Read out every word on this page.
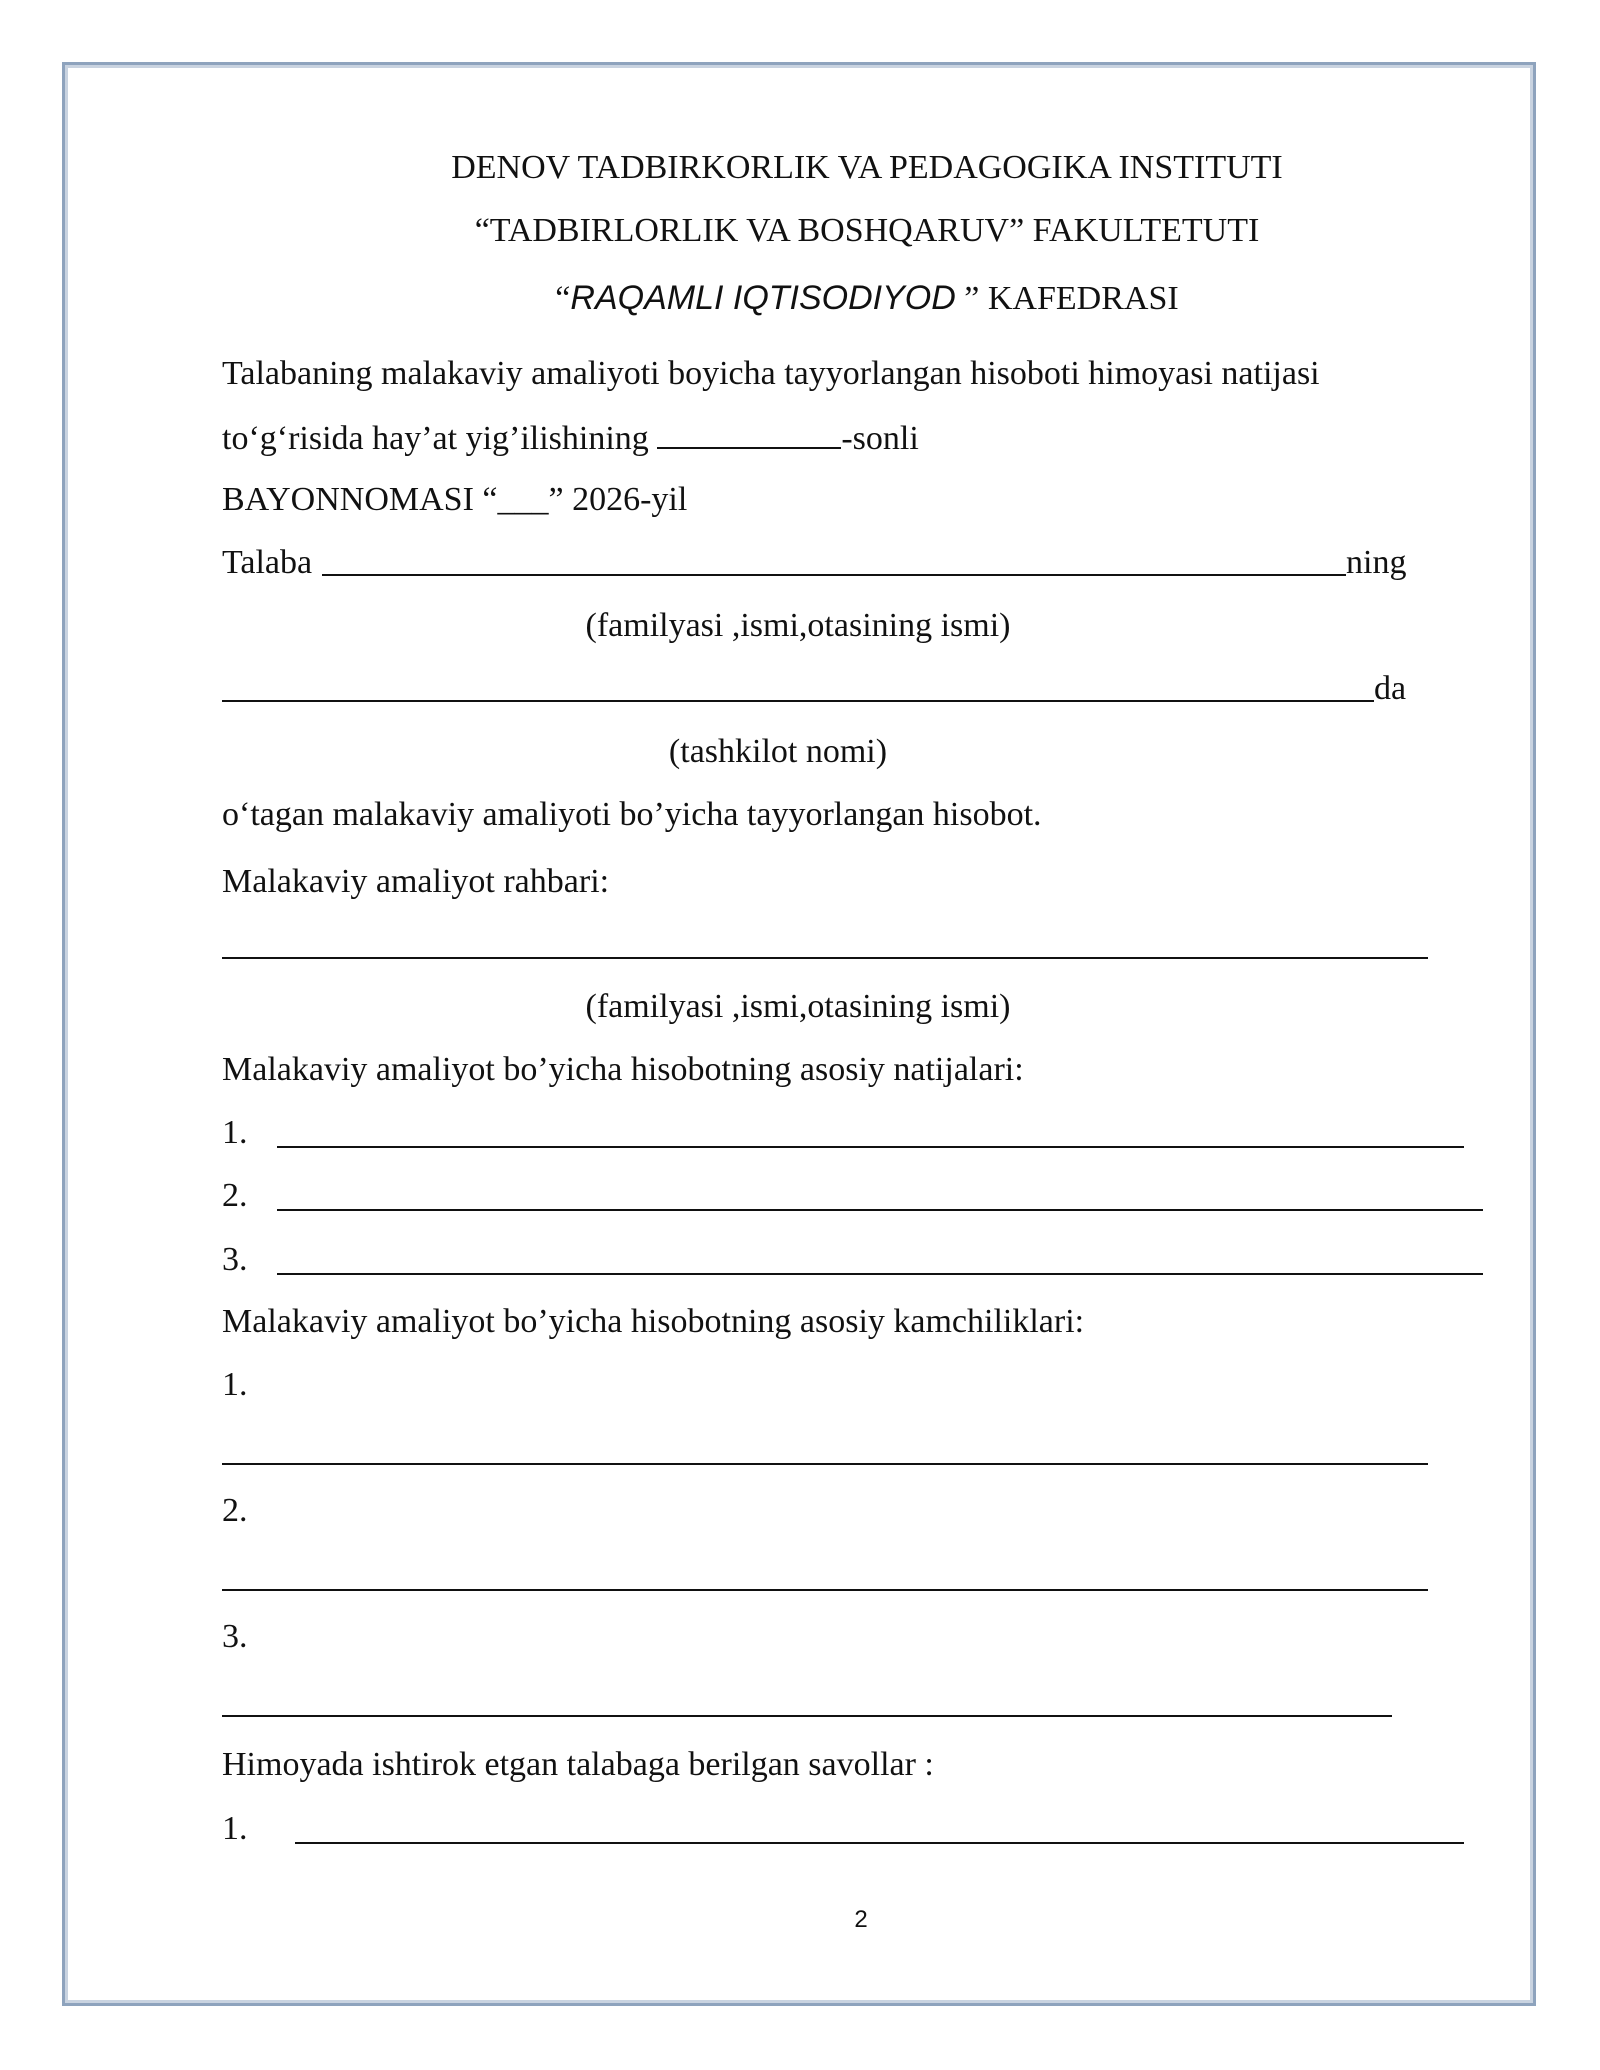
DENOV TADBIRKORLIK VA PEDAGOGIKA INSTITUTI
“TADBIRLORLIK VA BOSHQARUV” FAKULTETUTI
“RAQAMLI IQTISODIYOD ” KAFEDRASI
Talabaning malakaviy amaliyoti boyicha tayyorlangan hisoboti himoyasi natijasi
to‘g‘risida hay’at yig’ilishining	-sonli
BAYONNOMASI “___” 2026-yil
Talaba	ning
(familyasi ,ismi,otasining ismi)
da
(tashkilot nomi)
o‘tagan malakaviy amaliyoti bo’yicha tayyorlangan hisobot.
Malakaviy amaliyot rahbari:
(familyasi ,ismi,otasining ismi)
Malakaviy amaliyot bo’yicha hisobotning asosiy natijalari:
1.
2.
3.
Malakaviy amaliyot bo’yicha hisobotning asosiy kamchiliklari:
1.
2.
3.
Himoyada ishtirok etgan talabaga berilgan savollar :
1.
2
